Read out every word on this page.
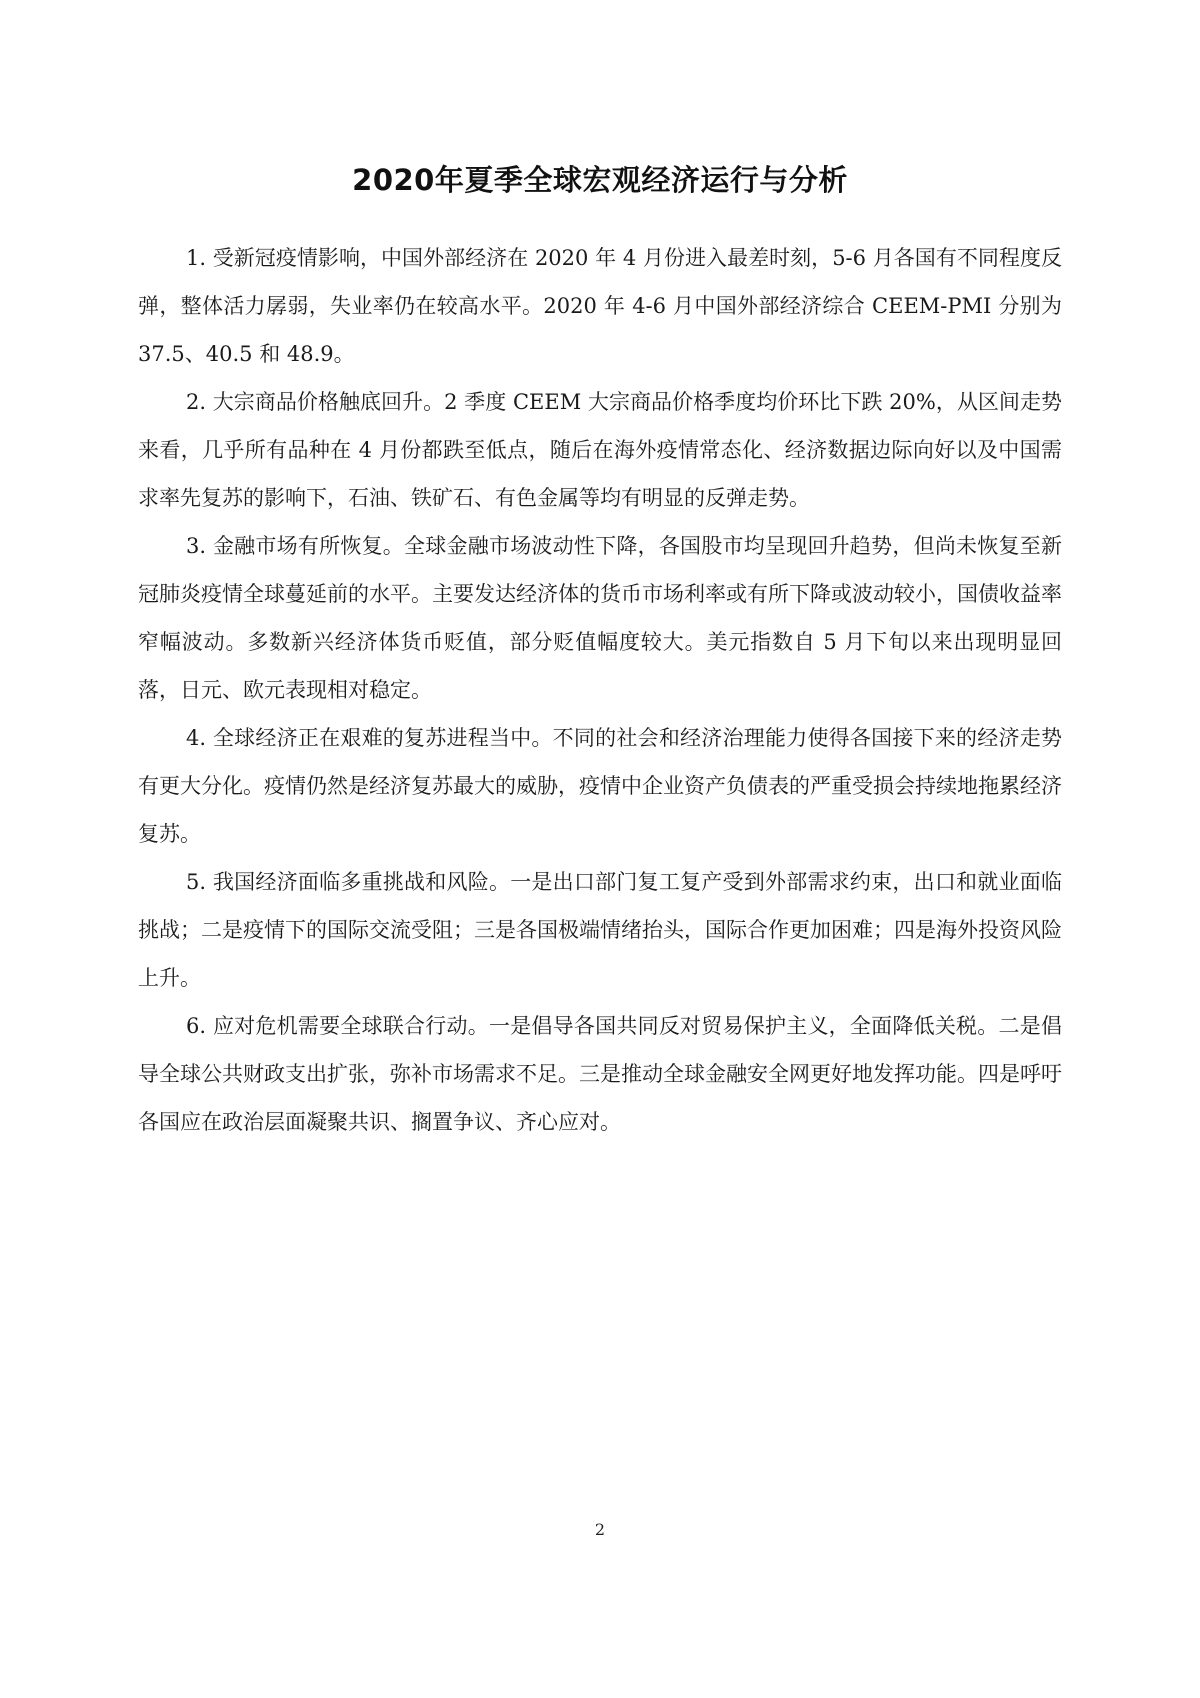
2020年夏季全球宏观经济运行与分析

1. 受新冠疫情影响，中国外部经济在 2020 年 4 月份进入最差时刻，5-6 月各国有不同程度反弹，整体活力孱弱，失业率仍在较高水平。2020 年 4-6 月中国外部经济综合 CEEM-PMI 分别为 37.5、40.5 和 48.9。

2. 大宗商品价格触底回升。2 季度 CEEM 大宗商品价格季度均价环比下跌 20%，从区间走势来看，几乎所有品种在 4 月份都跌至低点，随后在海外疫情常态化、经济数据边际向好以及中国需求率先复苏的影响下，石油、铁矿石、有色金属等均有明显的反弹走势。

3. 金融市场有所恢复。全球金融市场波动性下降，各国股市均呈现回升趋势，但尚未恢复至新冠肺炎疫情全球蔓延前的水平。主要发达经济体的货币市场利率或有所下降或波动较小，国债收益率窄幅波动。多数新兴经济体货币贬值，部分贬值幅度较大。美元指数自 5 月下旬以来出现明显回落，日元、欧元表现相对稳定。

4. 全球经济正在艰难的复苏进程当中。不同的社会和经济治理能力使得各国接下来的经济走势有更大分化。疫情仍然是经济复苏最大的威胁，疫情中企业资产负债表的严重受损会持续地拖累经济复苏。

5. 我国经济面临多重挑战和风险。一是出口部门复工复产受到外部需求约束，出口和就业面临挑战；二是疫情下的国际交流受阻；三是各国极端情绪抬头，国际合作更加困难；四是海外投资风险上升。

6. 应对危机需要全球联合行动。一是倡导各国共同反对贸易保护主义，全面降低关税。二是倡导全球公共财政支出扩张，弥补市场需求不足。三是推动全球金融安全网更好地发挥功能。四是呼吁各国应在政治层面凝聚共识、搁置争议、齐心应对。

2
